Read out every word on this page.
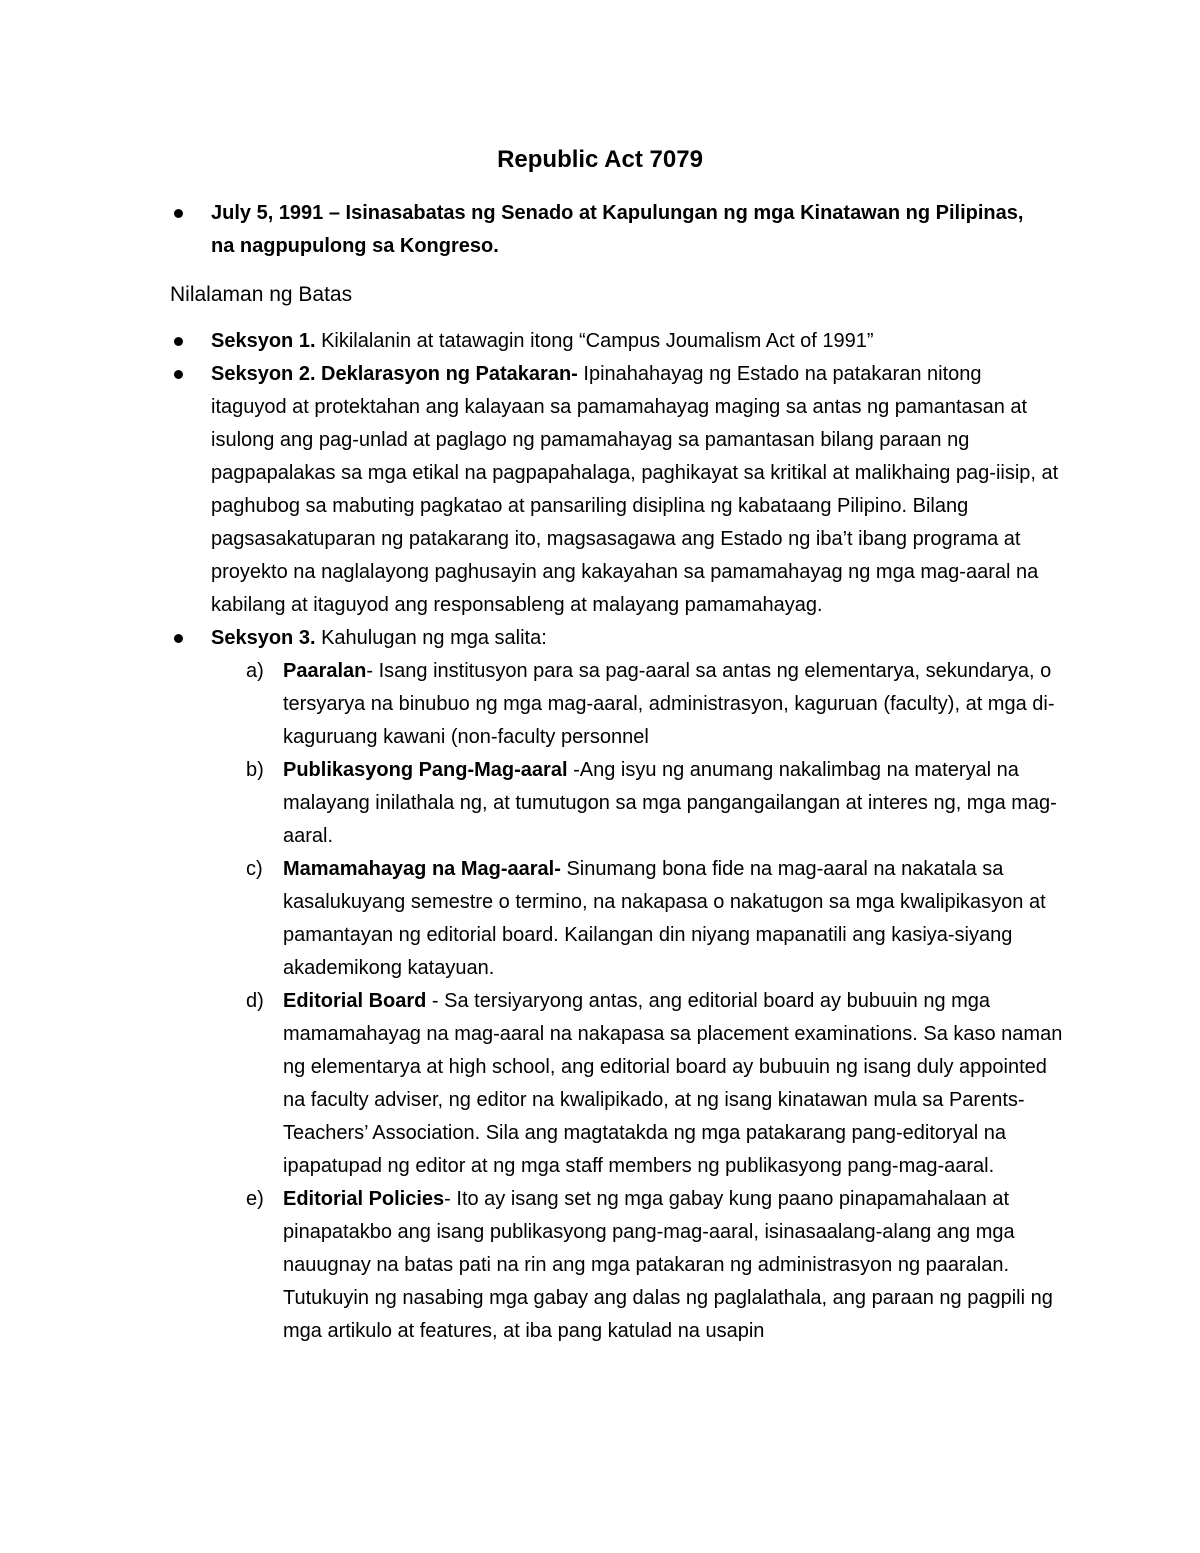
Republic Act 7079
July 5, 1991 – Isinasabatas ng Senado at Kapulungan ng mga Kinatawan ng Pilipinas, na nagpupulong sa Kongreso.
Nilalaman ng Batas
Seksyon 1. Kikilalanin at tatawagin itong “Campus Joumalism Act of 1991”
Seksyon 2. Deklarasyon ng Patakaran- Ipinahahayag ng Estado na patakaran nitong itaguyod at protektahan ang kalayaan sa pamamahayag maging sa antas ng pamantasan at isulong ang pag-unlad at paglago ng pamamahayag sa pamantasan bilang paraan ng pagpapalakas sa mga etikal na pagpapahalaga, paghikayat sa kritikal at malikhaing pag-iisip, at paghubog sa mabuting pagkatao at pansariling disiplina ng kabataang Pilipino. Bilang pagsasakatuparan ng patakarang ito, magsasagawa ang Estado ng iba’t ibang programa at proyekto na naglalayong paghusayin ang kakayahan sa pamamahayag ng mga mag-aaral na kabilang at itaguyod ang responsableng at malayang pamamahayag.
Seksyon 3. Kahulugan ng mga salita:
a) Paaralan- Isang institusyon para sa pag-aaral sa antas ng elementarya, sekundarya, o tersyarya na binubuo ng mga mag-aaral, administrasyon, kaguruan (faculty), at mga di-kaguruang kawani (non-faculty personnel
b) Publikasyong Pang-Mag-aaral -Ang isyu ng anumang nakalimbag na materyal na malayang inilathala ng, at tumutugon sa mga pangangailangan at interes ng, mga mag-aaral.
c) Mamamahayag na Mag-aaral- Sinumang bona fide na mag-aaral na nakatala sa kasalukuyang semestre o termino, na nakapasa o nakatugon sa mga kwalipikasyon at pamantayan ng editorial board. Kailangan din niyang mapanatili ang kasiya-siyang akademikong katayuan.
d) Editorial Board - Sa tersiyaryong antas, ang editorial board ay bubuuin ng mga mamamahayag na mag-aaral na nakapasa sa placement examinations. Sa kaso naman ng elementarya at high school, ang editorial board ay bubuuin ng isang duly appointed na faculty adviser, ng editor na kwalipikado, at ng isang kinatawan mula sa Parents-Teachers’ Association. Sila ang magtatakda ng mga patakarang pang-editoryal na ipapatupad ng editor at ng mga staff members ng publikasyong pang-mag-aaral.
e) Editorial Policies- Ito ay isang set ng mga gabay kung paano pinapamahalaan at pinapatakbo ang isang publikasyong pang-mag-aaral, isinasaalang-alang ang mga nauugnay na batas pati na rin ang mga patakaran ng administrasyon ng paaralan. Tutukuyin ng nasabing mga gabay ang dalas ng paglalathala, ang paraan ng pagpili ng mga artikulo at features, at iba pang katulad na usapin
